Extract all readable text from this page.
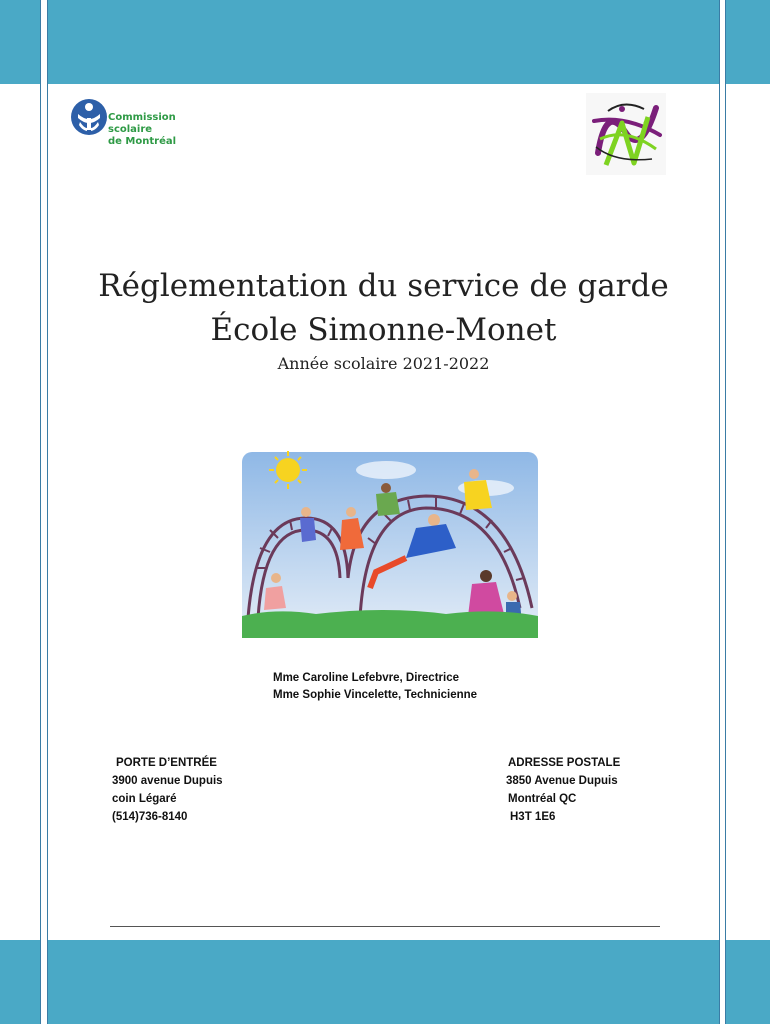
Commission
scolaire
de Montréal
Réglementation du service de garde
École Simonne-Monet
Année scolaire 2021-2022
Mme Caroline Lefebvre, Directrice
Mme Sophie Vincelette, Technicienne
PORTE D’ENTRÉE
3900 avenue Dupuis
coin Légaré
(514)736-8140
ADRESSE POSTALE
3850 Avenue Dupuis
Montréal QC
H3T 1E6
